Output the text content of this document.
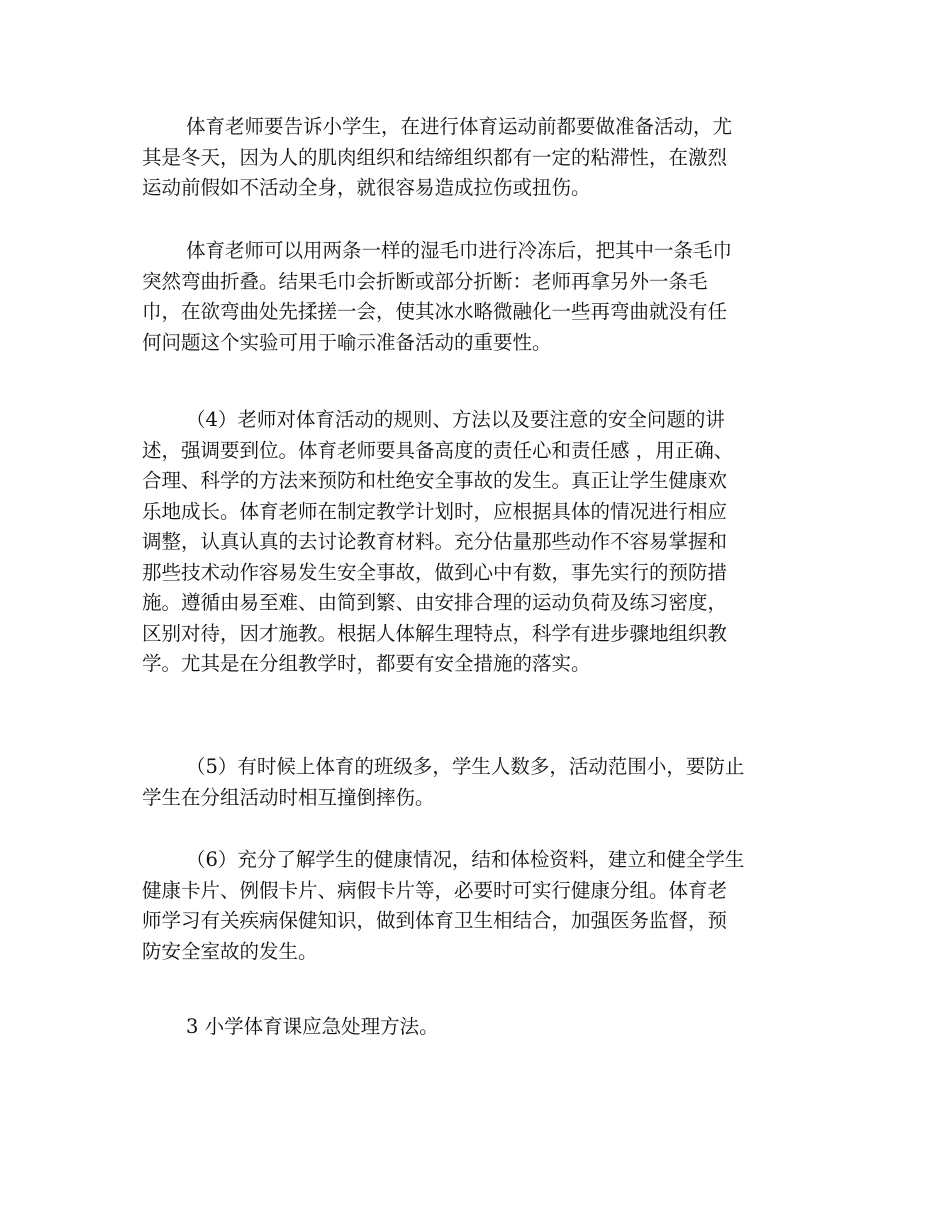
体育老师要告诉小学生，在进行体育运动前都要做准备活动，尤
其是冬天，因为人的肌肉组织和结缔组织都有一定的粘滞性，在激烈
运动前假如不活动全身，就很容易造成拉伤或扭伤。
体育老师可以用两条一样的湿毛巾进行冷冻后，把其中一条毛巾
突然弯曲折叠。结果毛巾会折断或部分折断：老师再拿另外一条毛
巾，在欲弯曲处先揉搓一会，使其冰水略微融化一些再弯曲就没有任
何问题这个实验可用于喻示准备活动的重要性。
（4）老师对体育活动的规则、方法以及要注意的安全问题的讲
述，强调要到位。体育老师要具备高度的责任心和责任感 ，用正确、
合理、科学的方法来预防和杜绝安全事故的发生。真正让学生健康欢
乐地成长。体育老师在制定教学计划时，应根据具体的情况进行相应
调整，认真认真的去讨论教育材料。充分估量那些动作不容易掌握和
那些技术动作容易发生安全事故，做到心中有数，事先实行的预防措
施。遵循由易至难、由简到繁、由安排合理的运动负荷及练习密度，
区别对待，因才施教。根据人体解生理特点，科学有进步骤地组织教
学。尤其是在分组教学时，都要有安全措施的落实。
（5）有时候上体育的班级多，学生人数多，活动范围小，要防止
学生在分组活动时相互撞倒摔伤。
（6）充分了解学生的健康情况，结和体检资料，建立和健全学生
健康卡片、例假卡片、病假卡片等，必要时可实行健康分组。体育老
师学习有关疾病保健知识，做到体育卫生相结合，加强医务监督，预
防安全室故的发生。
3 小学体育课应急处理方法。
